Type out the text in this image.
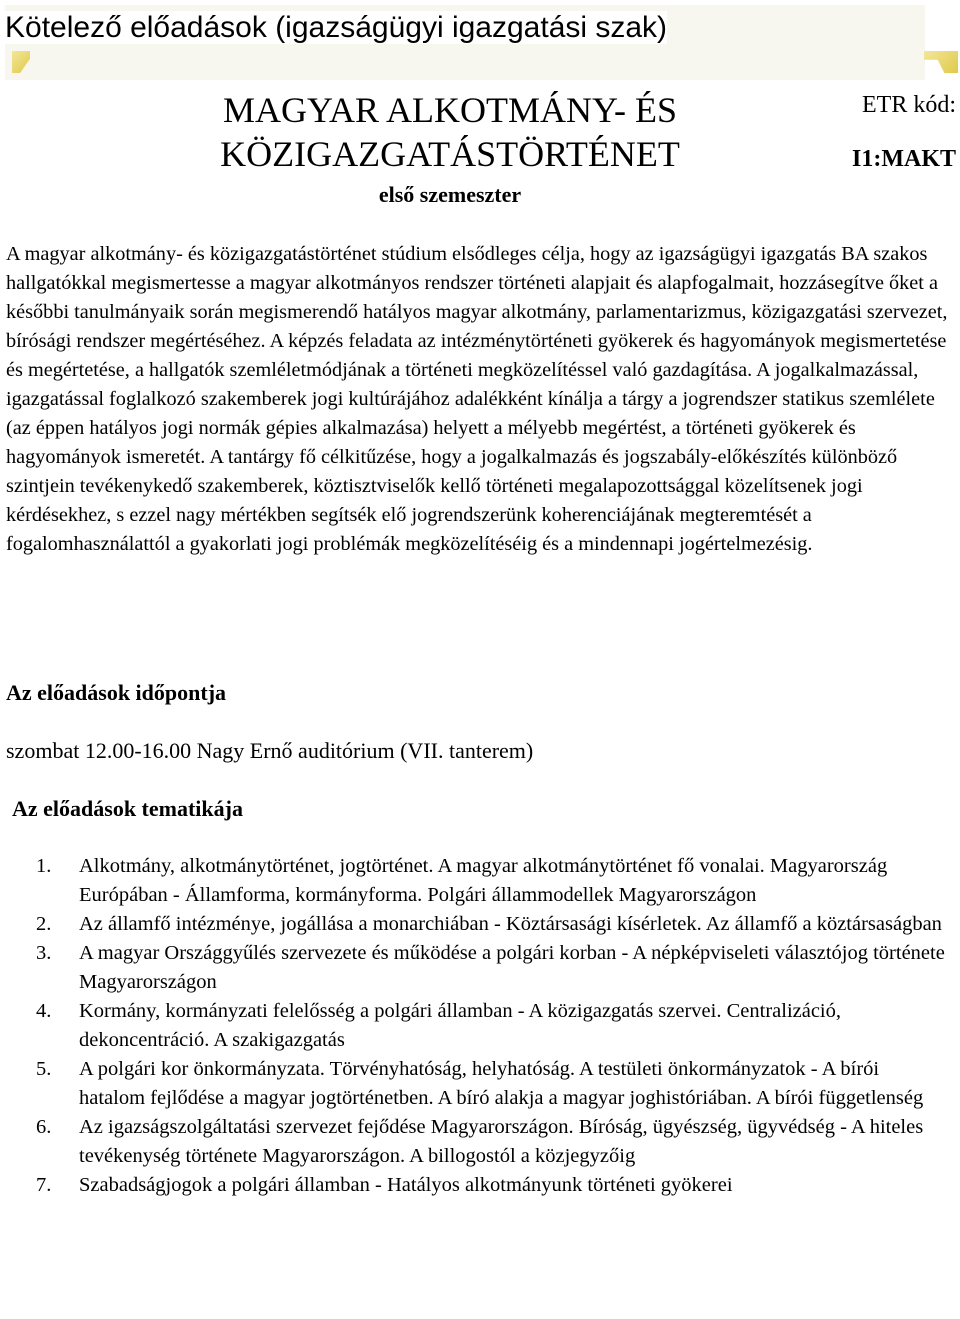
Kötelező előadások (igazságügyi igazgatási szak)
MAGYAR ALKOTMÁNY- ÉS
KÖZIGAZGATÁSTÖRTÉNET
első szemeszter
ETR kód:
I1:MAKT

A magyar alkotmány- és közigazgatástörténet stúdium elsődleges célja, hogy az igazságügyi igazgatás BA szakos hallgatókkal megismertesse a magyar alkotmányos rendszer történeti alapjait és alapfogalmait, hozzásegítve őket a későbbi tanulmányaik során megismerendő hatályos magyar alkotmány, parlamentarizmus, közigazgatási szervezet, bírósági rendszer megértéséhez. A képzés feladata az intézménytörténeti gyökerek és hagyományok megismertetése és megértetése, a hallgatók szemléletmódjának a történeti megközelítéssel való gazdagítása. A jogalkalmazással, igazgatással foglalkozó szakemberek jogi kultúrájához adalékként kínálja a tárgy a jogrendszer statikus szemlélete (az éppen hatályos jogi normák gépies alkalmazása) helyett a mélyebb megértést, a történeti gyökerek és hagyományok ismeretét. A tantárgy fő célkitűzése, hogy a jogalkalmazás és jogszabály-előkészítés különböző szintjein tevékenykedő szakemberek, köztisztviselők kellő történeti megalapozottsággal közelítsenek jogi kérdésekhez, s ezzel nagy mértékben segítsék elő jogrendszerünk koherenciájának megteremtését a fogalomhasználattól a gyakorlati jogi problémák megközelítéséig és a mindennapi jogértelmezésig.

Az előadások időpontja
szombat 12.00-16.00 Nagy Ernő auditórium (VII. tanterem)
Az előadások tematikája
1.	Alkotmány, alkotmánytörténet, jogtörténet. A magyar alkotmánytörténet fő vonalai. Magyarország Európában - Államforma, kormányforma. Polgári állammodellek Magyarországon
2.	Az államfő intézménye, jogállása a monarchiában - Köztársasági kísérletek. Az államfő a köztársaságban
3.	A magyar Országgyűlés szervezete és működése a polgári korban - A népképviseleti választójog története Magyarországon
4.	Kormány, kormányzati felelősség a polgári államban - A közigazgatás szervei. Centralizáció, dekoncentráció. A szakigazgatás
5.	A polgári kor önkormányzata. Törvényhatóság, helyhatóság. A testületi önkormányzatok - A bírói hatalom fejlődése a magyar jogtörténetben. A bíró alakja a magyar joghistóriában. A bírói függetlenség
6.	Az igazságszolgáltatási szervezet fejődése Magyarországon. Bíróság, ügyészség, ügyvédség - A hiteles tevékenység története Magyarországon. A billogostól a közjegyzőig
7.	Szabadságjogok a polgári államban - Hatályos alkotmányunk történeti gyökerei
